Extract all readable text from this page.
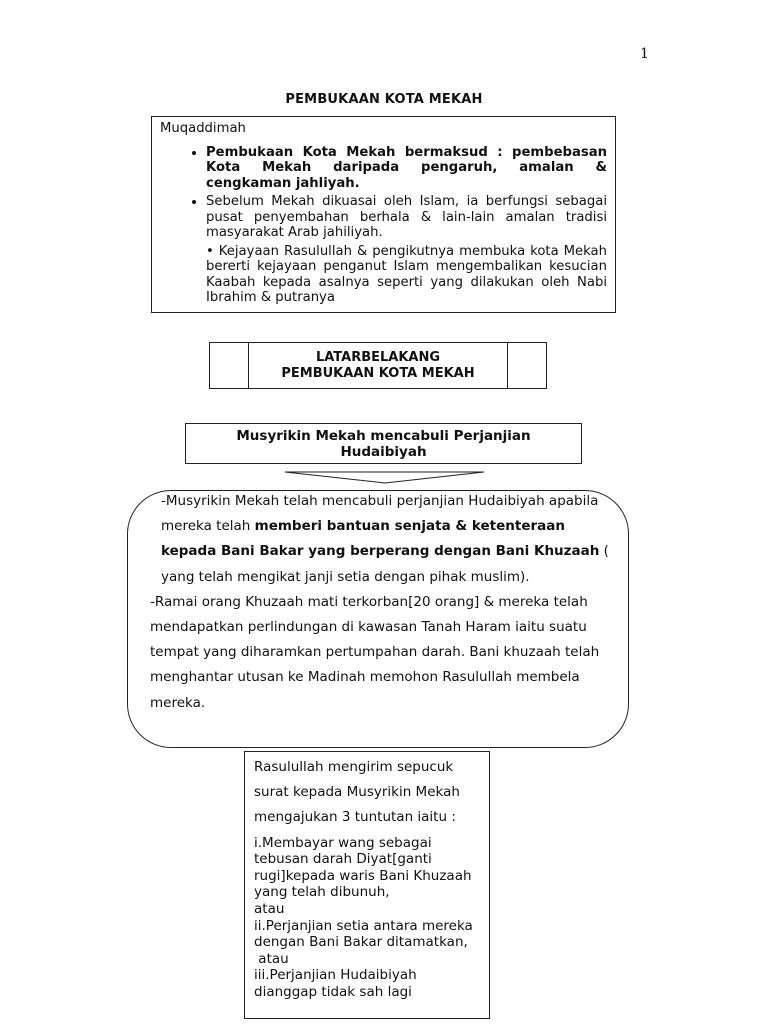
1
PEMBUKAAN KOTA MEKAH
Muqaddimah
• Pembukaan Kota Mekah bermaksud : pembebasan Kota Mekah daripada pengaruh, amalan & cengkaman jahliyah.
• Sebelum Mekah dikuasai oleh Islam, ia berfungsi sebagai pusat penyembahan berhala & lain-lain amalan tradisi masyarakat Arab jahiliyah.
• Kejayaan Rasulullah & pengikutnya membuka kota Mekah bererti kejayaan penganut Islam mengembalikan kesucian Kaabah kepada asalnya seperti yang dilakukan oleh Nabi Ibrahim & putranya
LATARBELAKANG
PEMBUKAAN KOTA MEKAH
Musyrikin Mekah mencabuli Perjanjian
Hudaibiyah

-Musyrikin Mekah telah mencabuli perjanjian Hudaibiyah apabila mereka telah memberi bantuan senjata & ketenteraan kepada Bani Bakar yang berperang dengan Bani Khuzaah ( yang telah mengikat janji setia dengan pihak muslim).

-Ramai orang Khuzaah mati terkorban[20 orang] & mereka telah mendapatkan perlindungan di kawasan Tanah Haram iaitu suatu tempat yang diharamkan pertumpahan darah. Bani khuzaah telah menghantar utusan ke Madinah memohon Rasulullah membela mereka.

Rasulullah mengirim sepucuk surat kepada Musyrikin Mekah mengajukan 3 tuntutan iaitu :

i.Membayar wang sebagai tebusan darah Diyat[ganti rugi]kepada waris Bani Khuzaah yang telah dibunuh,
atau
ii.Perjanjian setia antara mereka dengan Bani Bakar ditamatkan,
atau
iii.Perjanjian Hudaibiyah dianggap tidak sah lagi
